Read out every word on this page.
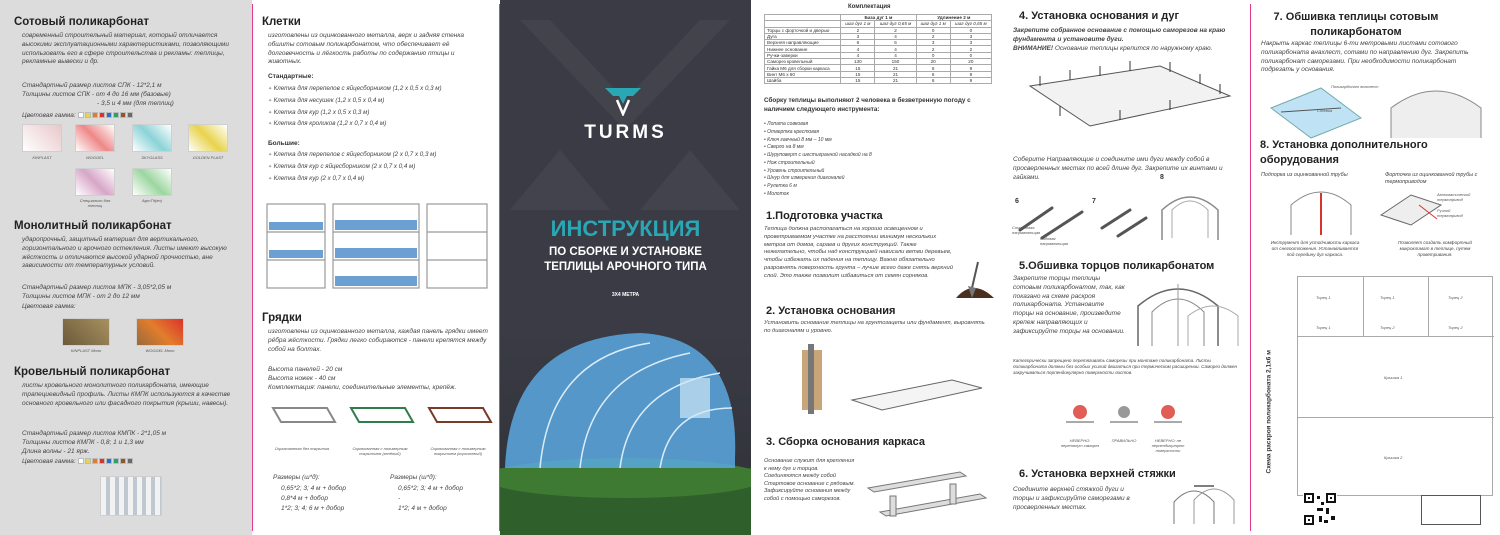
Сотовый поликарбонат
современный строительный материал, который отличается высокими эксплуатационными характеристиками, позволяющими использовать его в сфере строительства и рекламы: теплицы, рекламные вывески и др.
Стандартный размер листов СПК - 12*2,1 м
Толщины листов СПК - от 4 до 16 мм (базовые)
- 3,5 и 4 мм (для теплиц)
Цветовая гамма:
KINPLAST	WOGGEL	SKYGLASS	GOLDEN PLAST
Специально для теплиц
AgroTit(ен)
Монолитный поликарбонат
ударопрочный, защитный материал для вертикального, горизонтального и арочного остекления. Листы имеют высокую жёсткость и отличаются высокой ударной прочностью, вне зависимости от температурных условий.
Стандартный размер листов МПК - 3,05*2,05 м
Толщины листов МПК - от 2 до 12 мм
Цветовая гамма:
KINPLAST Mono	WOGGEL Mono
Кровельный поликарбонат
листы кровельного монолитного поликарбоната, имеющие трапециевидный профиль. Листы КМПК используются в качестве основного кровельного или фасадного покрытия (крыши, навесы).
Стандартный размер листов КМПК - 2*1,05 м
Толщины листов КМПК - 0,8; 1 и 1,3 мм
Длина волны - 21 ярж.
Цветовая гамма:
Клетки
изготовлены из оцинкованного металла, верх и задняя стенка обшиты сотовым поликарбонатом, что обеспечивает её долговечность и лёгкость работы по содержанию птицы и животных.
Стандартные:
✦ Клетка для перепелов с яйцесборником (1,2 х 0,5 х 0,3 м)
✦ Клетка для несушек (1,2 х 0,5 х 0,4 м)
✦ Клетка для кур (1,2 х 0,5 х 0,3 м)
✦ Клетка для кроликов (1,2 х 0,7 х 0,4 м)
Большие:
✦ Клетка для перепелов с яйцесборником (2 х 0,7 х 0,3 м)
✦ Клетка для кур с яйцесборником (2 х 0,7 х 0,4 м)
✦ Клетка для кур (2 х 0,7 х 0,4 м)
Грядки
изготовлены из оцинкованного металла, каждая панель грядки имеет рёбра жёсткости. Грядки легко собираются - панели крепятся между собой на болтах.
Высота панелей - 20 см
Высота ножек - 40 см
Комплектация: панели, соединительные элементы, крепёж.
Оцинкованная без покрытия	Оцинкованная с полимерным покрытием (зелёный)
Оцинкованная с полимерным покрытием (коричневый)
Размеры (ш*д):
0,65*2; 3; 4 м + добор
0,8*4 м + добор
1*2; 3; 4; 6 м + добор
Размеры (ш*д):
0,65*2; 3; 4 м + добор
-
1*2; 4 м + добор
TURMS
ИНСТРУКЦИЯ
ПО СБОРКЕ И УСТАНОВКЕ ТЕПЛИЦЫ АРОЧНОГО ТИПА
3Х4 МЕТРА
Комплектация
	База дуг 1 м		Удлинение 2 м	
	шаг дуг 1 м	шаг дуг 0,65 м	шаг дуг 1 м	шаг дуг 0,65 м
Торцы с форточкой и дверью	2	2	0	0
Дуга	3	4	2	3
Верхняя направляющие	6	6	3	3
Нижнее основание	4	4	2	2
Ручки-заверки	4	4	0	0
Саморез кровельный	130	150	20	20
Гайка М6 для сборки каркаса	15	21	6	9
Винт М6 х 60	15	21	6	9
Шайба	15	21	6	9
Сборку теплицы выполняют 2 человека в безветренную погоду с наличием следующего инструмента:
• Лопата совковая
• Отвертка крестовая
• Ключ гаечный 8 мм – 10 мм
• Сверло на 8 мм
• Шуруповерт с шестигранной насадкой на 8
• Нож строительный
• Уровень строительный
• Шнур для измерения диагоналей
• Рулетка 6 м
• Молоток
1.Подготовка участка
Теплица должна располагаться на хорошо освещенном и проветриваемом участке на расстоянии минимум нескольких метров от домов, сараев и других конструкций. Также нежелательно, чтобы над конструкцией нависали ветви деревьев, чтобы избежать их падения на теплицу. Важно обязательно разровнять поверхность грунта – лучше всего даже снять верхний слой. Это также позволит избавиться от семян сорняков.
2. Установка основания
Установить основание теплицы на грунтозацепы или фундамент, выровнять по диагоналям и уровню.
3. Сборка основания каркаса
Основание служит для крепления к нему дуг и торцов. Соединяются между собой Стартовое основание с рядовым. Зафиксируйте основания между собой с помощью саморезов.
4. Установка основания и дуг
Закрепите собранное основание с помощью саморезов на краю фундамента и установите дуги.
ВНИМАНИЕ! Основание теплицы крепится по наружному краю.
Соберите Направляющие и соедините ими дуги между собой в просверленных местах по всей длине дуг. Закрепите их винтами и гайками.
6	7
8
Стартовая направляющая
Рядовая направляющая
5.Обшивка торцов поликарбонатом
Закрепите торцы теплицы сотовым поликарбонатом, так, как показано на схеме раскроя поликарбоната. Установите торцы на основание, произведите крепеж направляющих и зафиксируйте торцы на основании.
Категорически запрещено перетягивать саморезы при монтаже поликарбоната. Листы поликарбоната должны без особых усилий двигаться при термическом расширении. Саморез должен закручиваться перпендикулярно поверхности листов.
НЕВЕРНО: перетянут саморез
ПРАВИЛЬНО	НЕВЕРНО: не перпендикулярно поверхности
6. Установка верхней стяжки
Соедините верхней стяжкой дуги и торцы и зафиксируйте саморезами в просверленных местах.
7. Обшивка теплицы сотовым поликарбонатом
Накрыть каркас теплицы 6-ти метровыми листами сотового поликарбоната внахлест, сотами по направлению дуг. Закрепить поликарбонат саморезами. При необходимости поликарбонат подрезать у основания.
Поликарбонат внахлест
Стежка
8. Установка дополнительного оборудования
Подпорка из оцинкованной трубы	Форточка из оцинкованной трубы с термоприводом
Автоматический термопривод
Ручной термопривод
Инструмент для устойчивости каркаса от снегоотложения. Устанавливается под середину дуг каркаса.
Позволяет создать комфортный микроклимат в теплице, путем проветривания.
Схема раскроя поликарбоната 2,1х6 м
Торец 1	Торец 1	Торец 2
Торец 1	Торец 2	Торец 2
Крышка 1
Крышка 2
